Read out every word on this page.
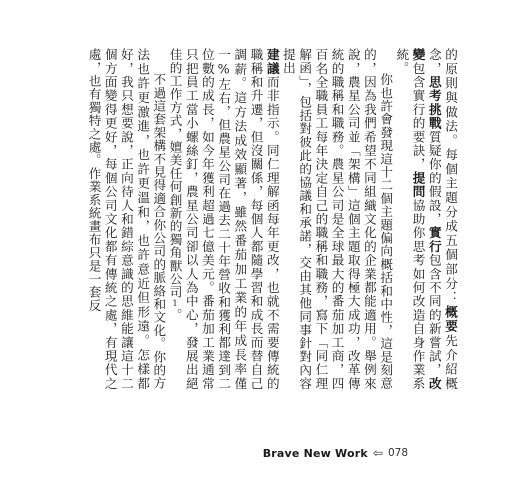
的原則與做法。每個主題分成五個部分：概要先介紹概念，思考挑戰質疑你的假設，實行包含不同的新嘗試，改變包含實行的要訣，提問協助你思考如何改造自身作業系統。

你也許會發現這十二個主題偏向概括和中性，這是刻意的，因為我們希望不同組織文化的企業都能適用。舉例來說，農星公司並「架構」這個主題取得極大成功，改革傳統的職稱和職務。農星公司是全球最大的番茄加工商，四百名全職員工每年決定自己的職稱和職務，寫下「同仁理解函」，包括對彼此的協議和承諾，交由其他同事針對內容提出

建議而非指示。同仁理解函每年更改，也就不需要傳統的職稱和升遷，但沒關係，每個人都隨學習和成長而替自己調薪。這方法成效顯著，雖然番茄加工業的年成長率僅一%左右，但農星公司在過去二十年營收和獲利都達到二位數的成長，如今年獲利超過七億美元。番茄加工業通常只把員工當小螺絲釘，農星公司卻以人為中心，發展出絕佳的工作方式，嬗美任何創新的獨角獸公司1。

不過這套架構不見得適合你公司的脈絡和文化。你的方法也許更激進，也許更溫和，也許意近但形遠。怎樣都好，我只想要說，正向待人和錯綜意識的思維能讓這十二個方面變得更好，每個公司文化都有傳統之處，有現代之處，也有獨特之處。作業系統畫布只是一套反

Brave New Work ⇦ 078
